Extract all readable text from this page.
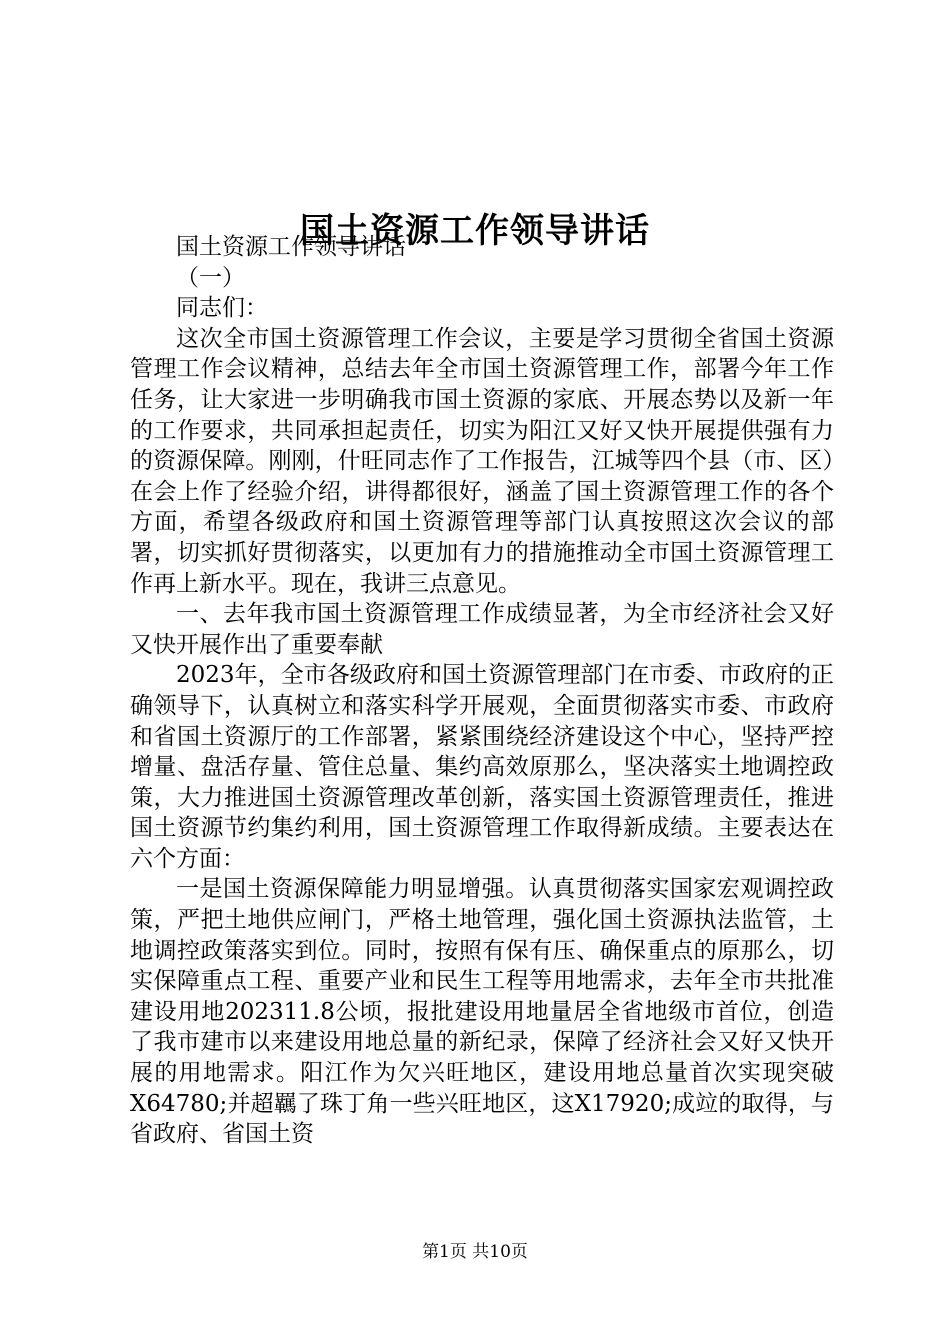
国土资源工作领导讲话

国土资源工作领导讲话

（一）

同志们：

这次全市国土资源管理工作会议，主要是学习贯彻全省国土资源管理工作会议精神，总结去年全市国土资源管理工作，部署今年工作任务，让大家进一步明确我市国土资源的家底、开展态势以及新一年的工作要求，共同承担起责任，切实为阳江又好又快开展提供强有力的资源保障。刚刚，什旺同志作了工作报告，江城等四个县（市、区）在会上作了经验介绍，讲得都很好，涵盖了国土资源管理工作的各个方面，希望各级政府和国土资源管理等部门认真按照这次会议的部署，切实抓好贯彻落实，以更加有力的措施推动全市国土资源管理工作再上新水平。现在，我讲三点意见。

一、去年我市国土资源管理工作成绩显著，为全市经济社会又好又快开展作出了重要奉献

2023年，全市各级政府和国土资源管理部门在市委、市政府的正确领导下，认真树立和落实科学开展观，全面贯彻落实市委、市政府和省国土资源厅的工作部署，紧紧围绕经济建设这个中心，坚持严控增量、盘活存量、管住总量、集约高效原那么，坚决落实土地调控政策，大力推进国土资源管理改革创新，落实国土资源管理责任，推进国土资源节约集约利用，国土资源管理工作取得新成绩。主要表达在六个方面：

一是国土资源保障能力明显增强。认真贯彻落实国家宏观调控政策，严把土地供应闸门，严格土地管理，强化国土资源执法监管，土地调控政策落实到位。同时，按照有保有压、确保重点的原那么，切实保障重点工程、重要产业和民生工程等用地需求，去年全市共批准建设用地202311.8公顷，报批建设用地量居全省地级市首位，创造了我市建市以来建设用地总量的新纪录，保障了经济社会又好又快开展的用地需求。阳江作为欠兴旺地区，建设用地总量首次实现突破X64780;并超羈了珠丁角一些兴旺地区，这X17920;成竝的取得，与省政府、省国土资

第1页 共10页
